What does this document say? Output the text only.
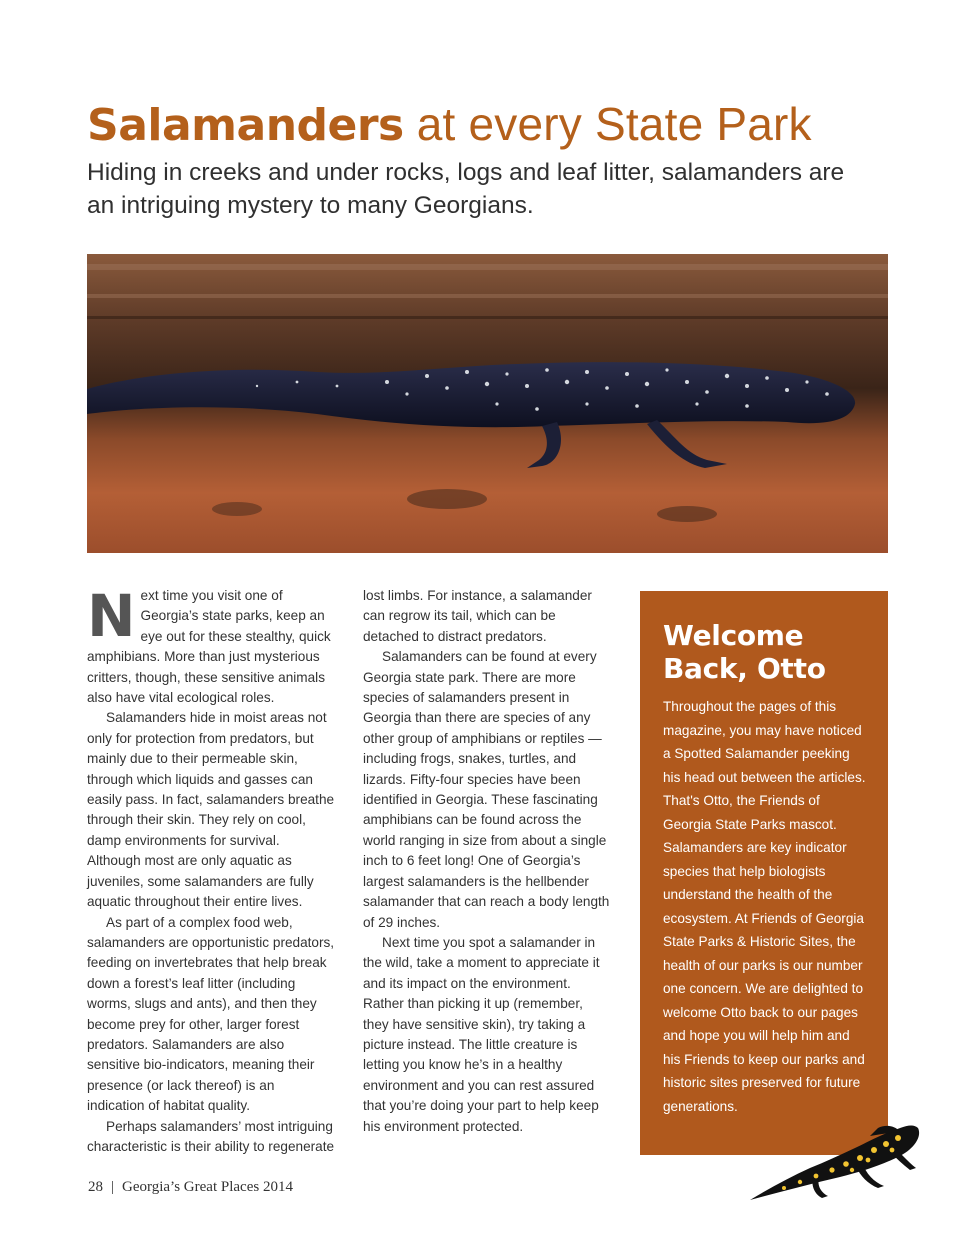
Salamanders at every State Park

Hiding in creeks and under rocks, logs and leaf litter, salamanders are an intriguing mystery to many Georgians.

Next time you visit one of Georgia’s state parks, keep an eye out for these stealthy, quick amphibians. More than just mysterious critters, though, these sensitive animals also have vital ecological roles.

Salamanders hide in moist areas not only for protection from predators, but mainly due to their permeable skin, through which liquids and gasses can easily pass. In fact, salamanders breathe through their skin. They rely on cool, damp environments for survival. Although most are only aquatic as juveniles, some salamanders are fully aquatic throughout their entire lives.

As part of a complex food web, salamanders are opportunistic predators, feeding on invertebrates that help break down a forest’s leaf litter (including worms, slugs and ants), and then they become prey for other, larger forest predators. Salamanders are also sensitive bio-indicators, meaning their presence (or lack thereof) is an indication of habitat quality.

Perhaps salamanders’ most intriguing characteristic is their ability to regenerate

lost limbs. For instance, a salamander can regrow its tail, which can be detached to distract predators.

Salamanders can be found at every Georgia state park. There are more species of salamanders present in Georgia than there are species of any other group of amphibians or reptiles — including frogs, snakes, turtles, and lizards. Fifty-four species have been identified in Georgia. These fascinating amphibians can be found across the world ranging in size from about a single inch to 6 feet long! One of Georgia’s largest salamanders is the hellbender salamander that can reach a body length of 29 inches.

Next time you spot a salamander in the wild, take a moment to appreciate it and its impact on the environment. Rather than picking it up (remember, they have sensitive skin), try taking a picture instead. The little creature is letting you know he’s in a healthy environment and you can rest assured that you’re doing your part to help keep his environment protected.

Welcome Back, Otto

Throughout the pages of this magazine, you may have noticed a Spotted Salamander peeking his head out between the articles. That's Otto, the Friends of Georgia State Parks mascot. Salamanders are key indicator species that help biologists understand the health of the ecosystem. At Friends of Georgia State Parks & Historic Sites, the health of our parks is our number one concern. We are delighted to welcome Otto back to our pages and hope you will help him and his Friends to keep our parks and historic sites preserved for future generations.

28 | Georgia’s Great Places 2014
